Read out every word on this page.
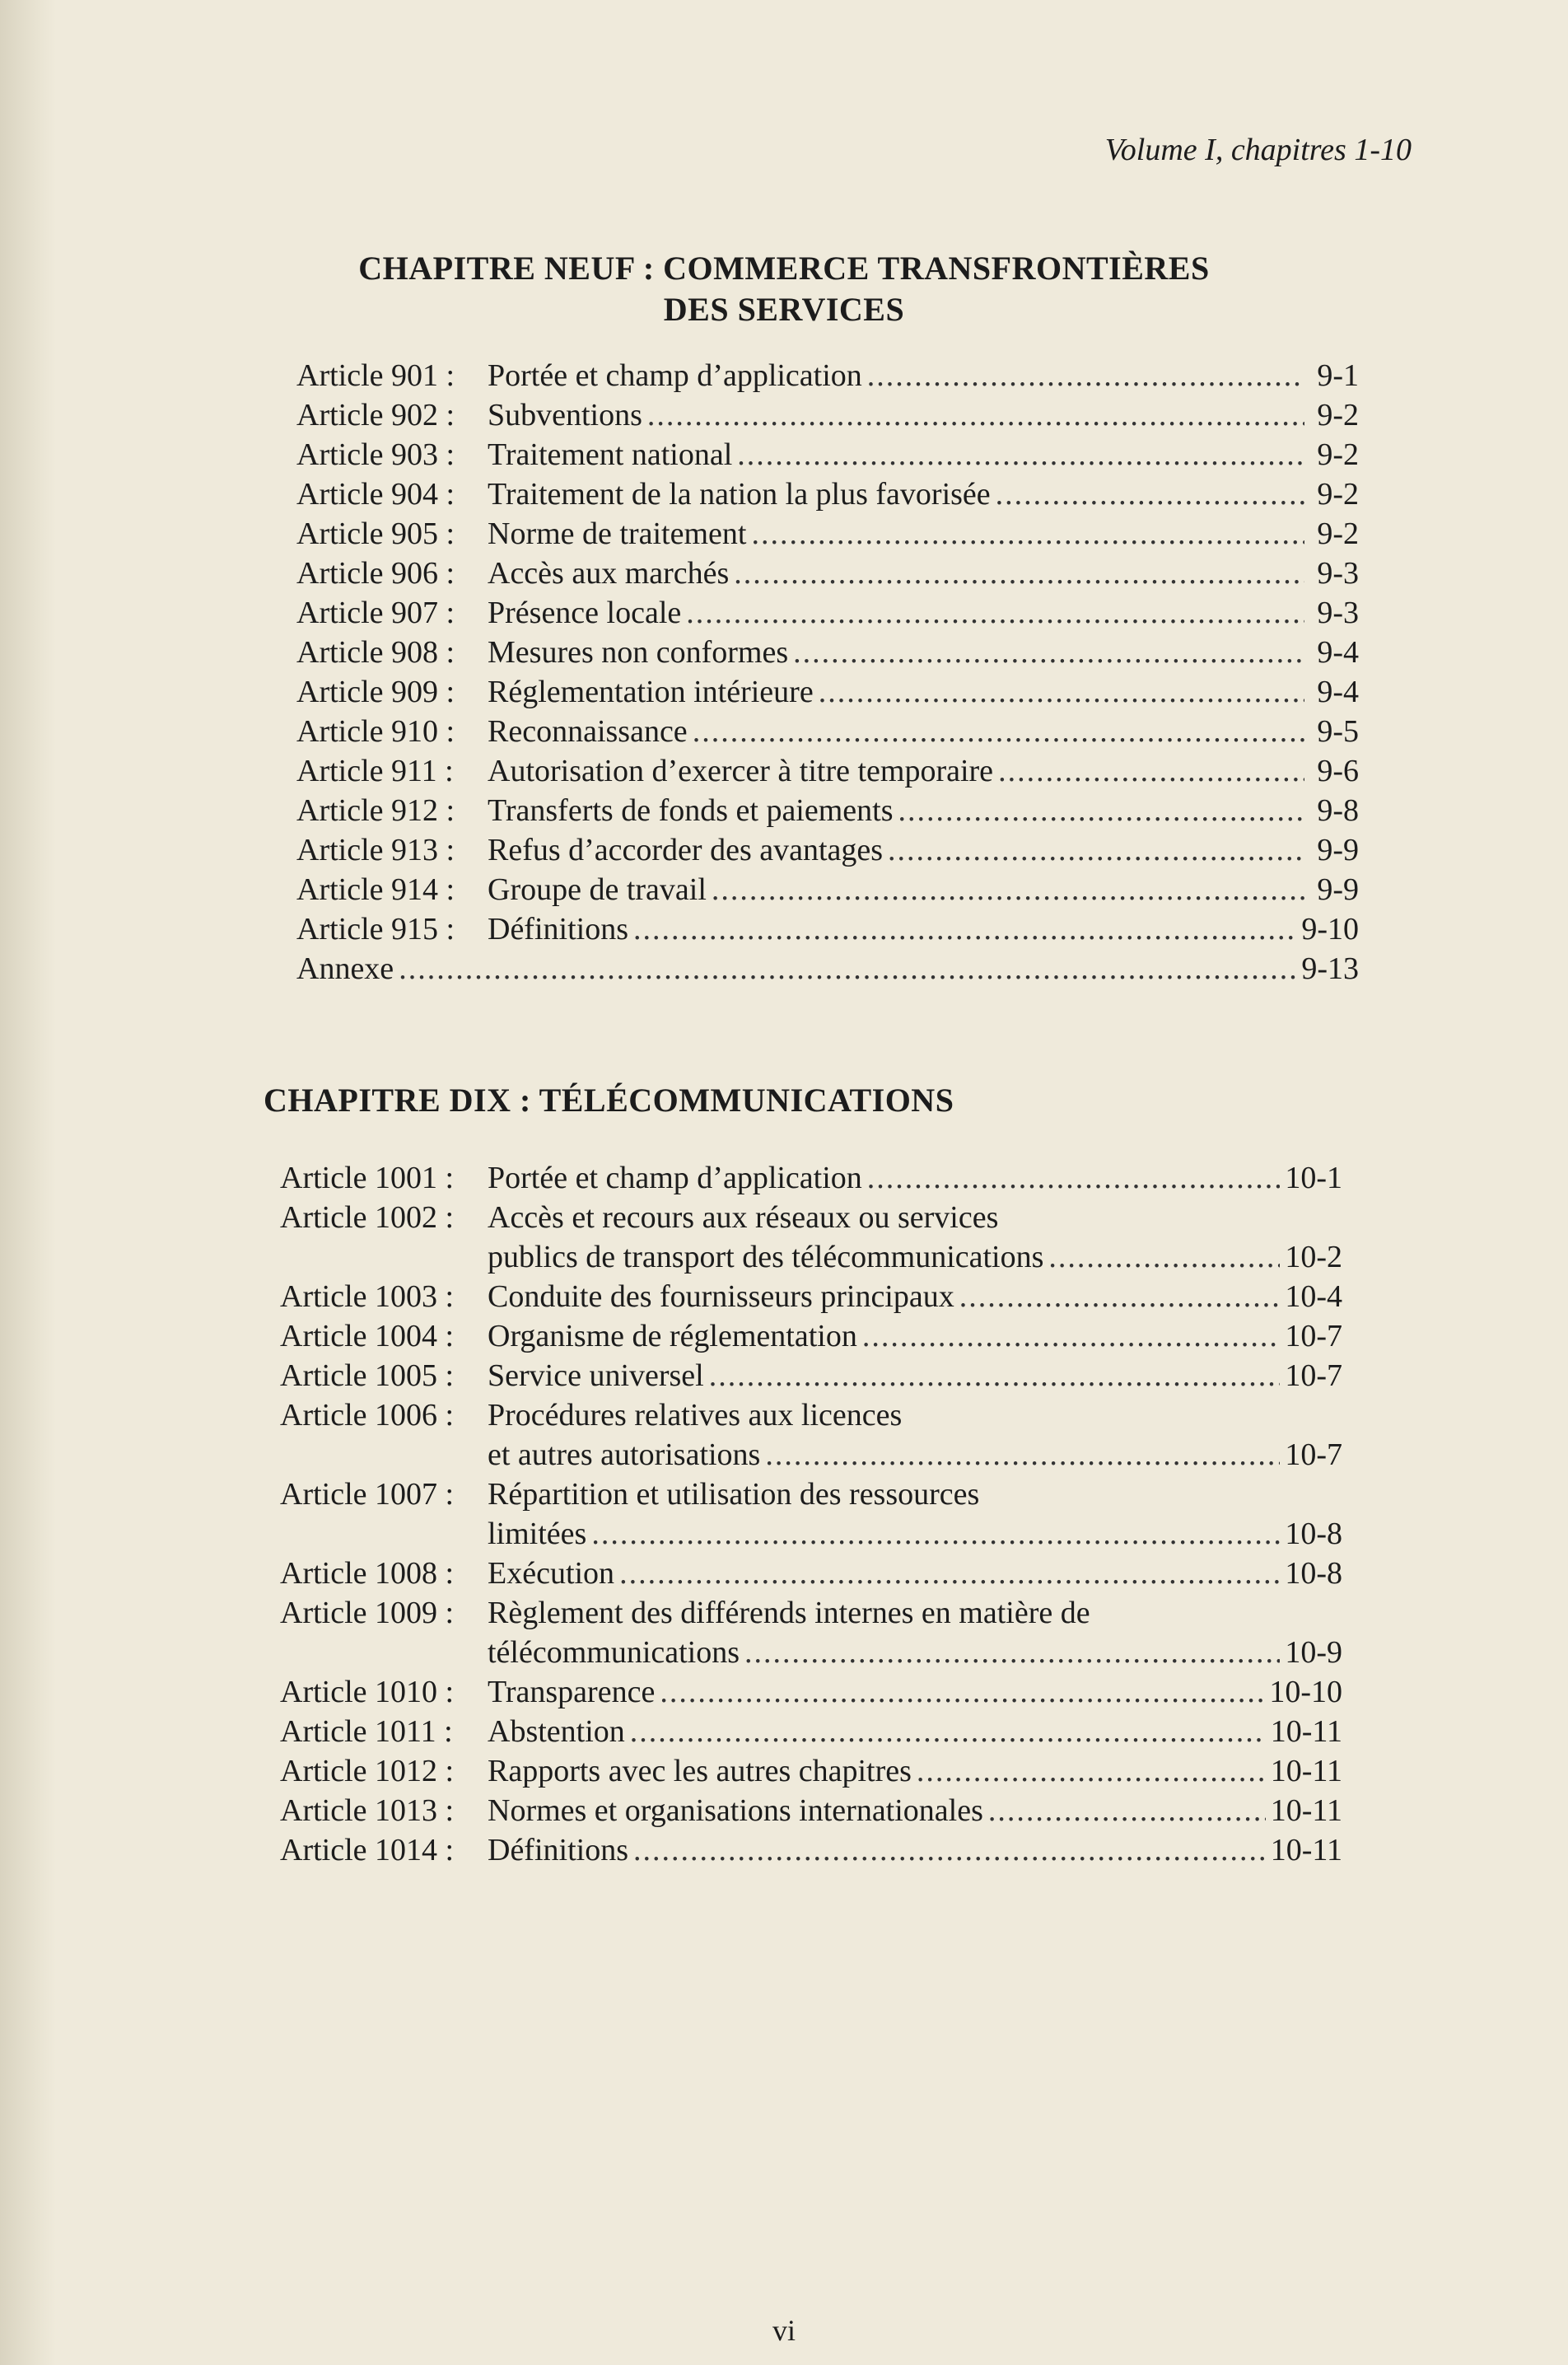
Volume I, chapitres 1-10
CHAPITRE NEUF : COMMERCE TRANSFRONTIÈRES
DES SERVICES
Article 901 :	Portée et champ d’application .....	9-1
Article 902 :	Subventions .....	9-2
Article 903 :	Traitement national .....	9-2
Article 904 :	Traitement de la nation la plus favorisée .....	9-2
Article 905 :	Norme de traitement .....	9-2
Article 906 :	Accès aux marchés .....	9-3
Article 907 :	Présence locale .....	9-3
Article 908 :	Mesures non conformes .....	9-4
Article 909 :	Réglementation intérieure .....	9-4
Article 910 :	Reconnaissance .....	9-5
Article 911 :	Autorisation d’exercer à titre temporaire .....	9-6
Article 912 :	Transferts de fonds et paiements .....	9-8
Article 913 :	Refus d’accorder des avantages .....	9-9
Article 914 :	Groupe de travail .....	9-9
Article 915 :	Définitions .....	9-10
Annexe .....	9-13
CHAPITRE DIX : TÉLÉCOMMUNICATIONS
Article 1001 :	Portée et champ d’application .....	10-1
Article 1002 :	Accès et recours aux réseaux ou services
publics de transport des télécommunications .....	10-2
Article 1003 :	Conduite des fournisseurs principaux .....	10-4
Article 1004 :	Organisme de réglementation .....	10-7
Article 1005 :	Service universel .....	10-7
Article 1006 :	Procédures relatives aux licences
et autres autorisations .....	10-7
Article 1007 :	Répartition et utilisation des ressources
limitées .....	10-8
Article 1008 :	Exécution .....	10-8
Article 1009 :	Règlement des différends internes en matière de
télécommunications .....	10-9
Article 1010 :	Transparence .....	10-10
Article 1011 :	Abstention .....	10-11
Article 1012 :	Rapports avec les autres chapitres .....	10-11
Article 1013 :	Normes et organisations internationales .....	10-11
Article 1014 :	Définitions .....	10-11
vi
